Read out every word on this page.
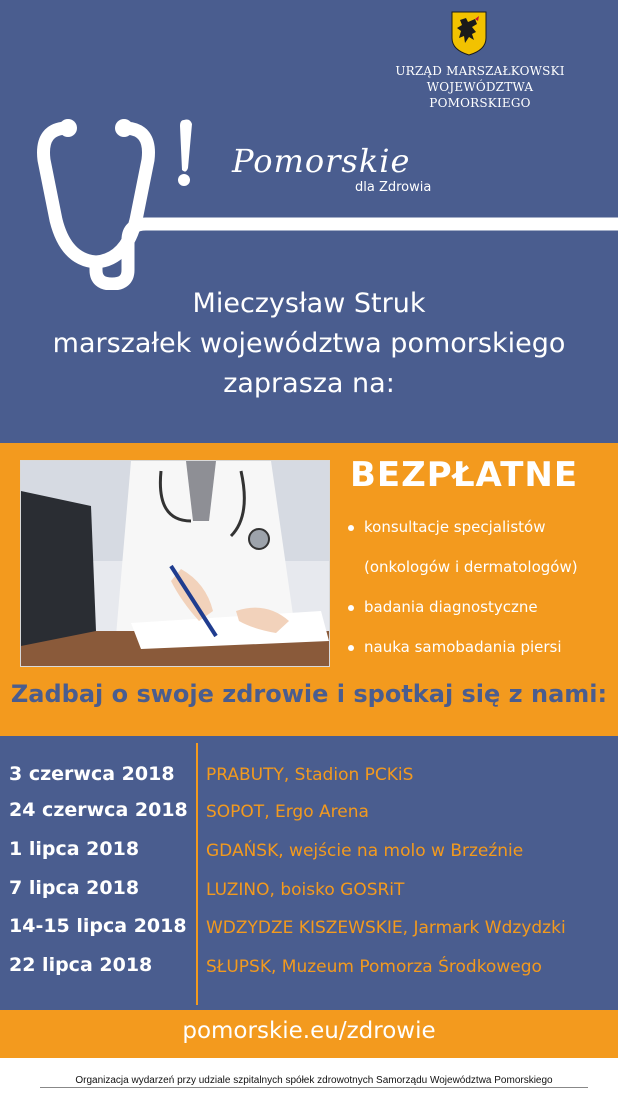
URZĄD MARSZAŁKOWSKI
WOJEWÓDZTWA POMORSKIEGO
Pomorskie
dla Zdrowia
Mieczysław Struk
marszałek województwa pomorskiego
zaprasza na:
BEZPŁATNE
konsultacje specjalistów
(onkologów i dermatologów)
badania diagnostyczne
nauka samobadania piersi
Zadbaj o swoje zdrowie i spotkaj się z nami:
3 czerwca 2018 PRABUTY, Stadion PCKiS
24 czerwca 2018 SOPOT, Ergo Arena
1 lipca 2018	GDAŃSK, wejście na molo w Brzeźnie
7 lipca 2018	LUZINO, boisko GOSRiT
14-15 lipca 2018 WDZYDZE KISZEWSKIE, Jarmark Wdzydzki
22 lipca 2018	SŁUPSK, Muzeum Pomorza Środkowego
pomorskie.eu/zdrowie
Organizacja wydarzeń przy udziale szpitalnych spółek zdrowotnych Samorządu Województwa Pomorskiego
